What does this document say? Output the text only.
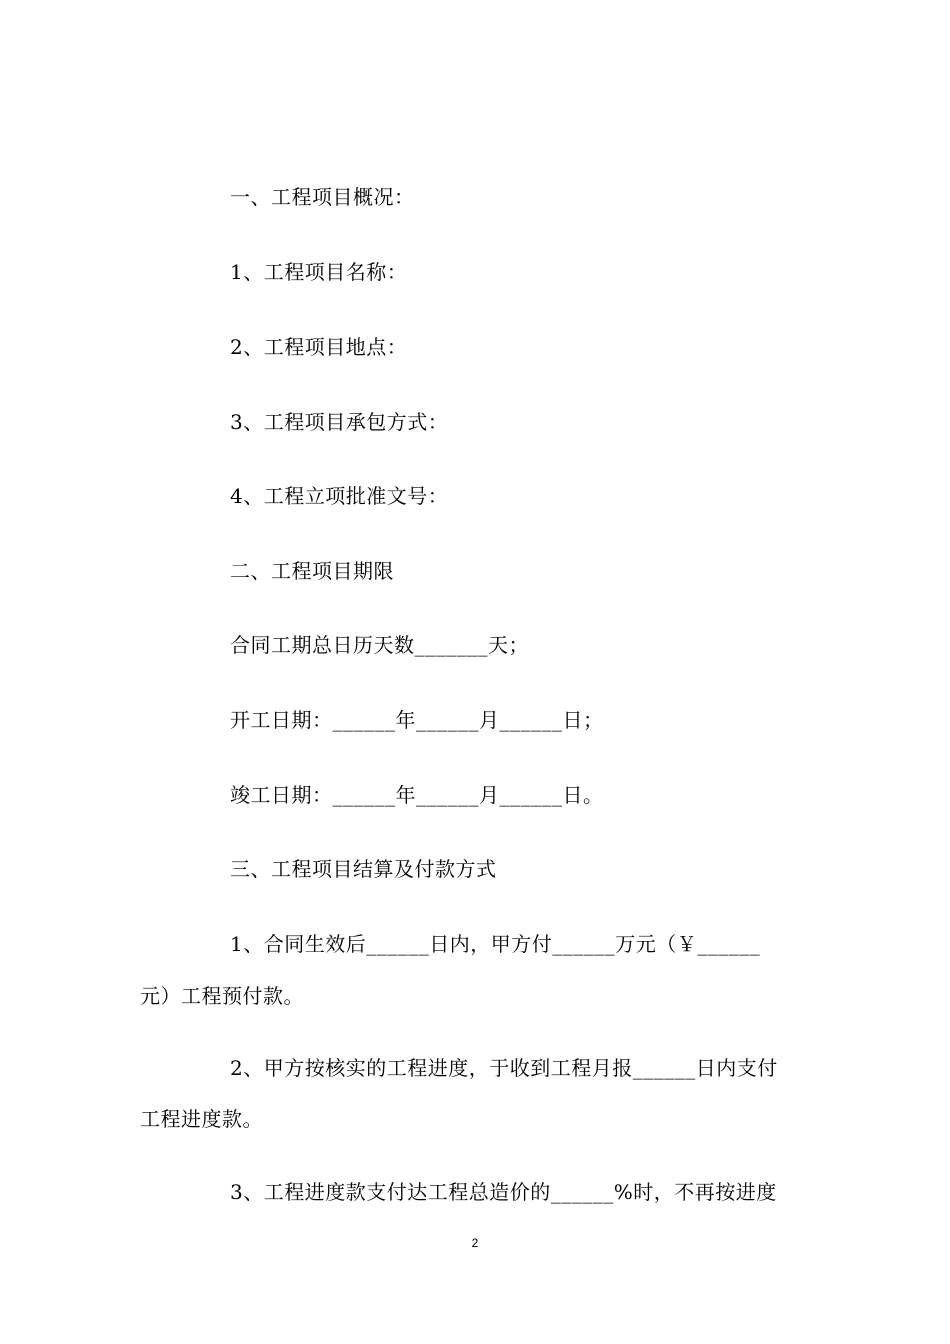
一、工程项目概况：
1、工程项目名称：
2、工程项目地点：
3、工程项目承包方式：
4、工程立项批准文号：
二、工程项目期限
合同工期总日历天数_______天；
开工日期：______年______月______日；
竣工日期：______年______月______日。
三、工程项目结算及付款方式
1、合同生效后______日内，甲方付______万元（￥______
元）工程预付款。
2、甲方按核实的工程进度，于收到工程月报______日内支付
工程进度款。
3、工程进度款支付达工程总造价的______%时，不再按进度
2
